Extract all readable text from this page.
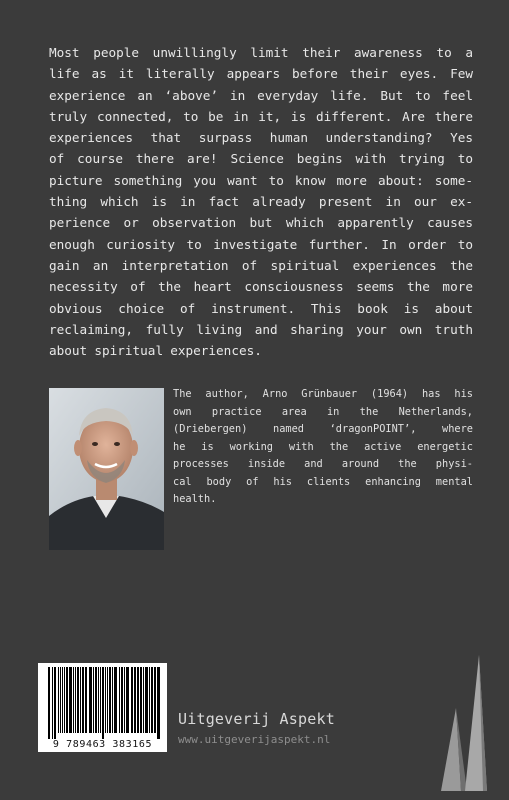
Most people unwillingly limit their awareness to a
life as it literally appears before their eyes. Few
experience an ‘above’ in everyday life. But to feel
truly connected, to be in it, is different. Are there
experiences that surpass human understanding? Yes
of course there are! Science begins with trying to
picture something you want to know more about: some-
thing which is in fact already present in our ex-
perience or observation but which apparently causes
enough curiosity to investigate further. In order to
gain an interpretation of spiritual experiences the
necessity of the heart consciousness seems the more
obvious choice of instrument. This book is about
reclaiming, fully living and sharing your own truth
about spiritual experiences.
The author, Arno Grünbauer (1964) has his
own practice area in the Netherlands,
(Driebergen) named ‘dragonPOINT’, where
he is working with the active energetic
processes inside and around the physi-
cal body of his clients enhancing mental
health.
9 789463 383165
Uitgeverij Aspekt
www.uitgeverijaspekt.nl
